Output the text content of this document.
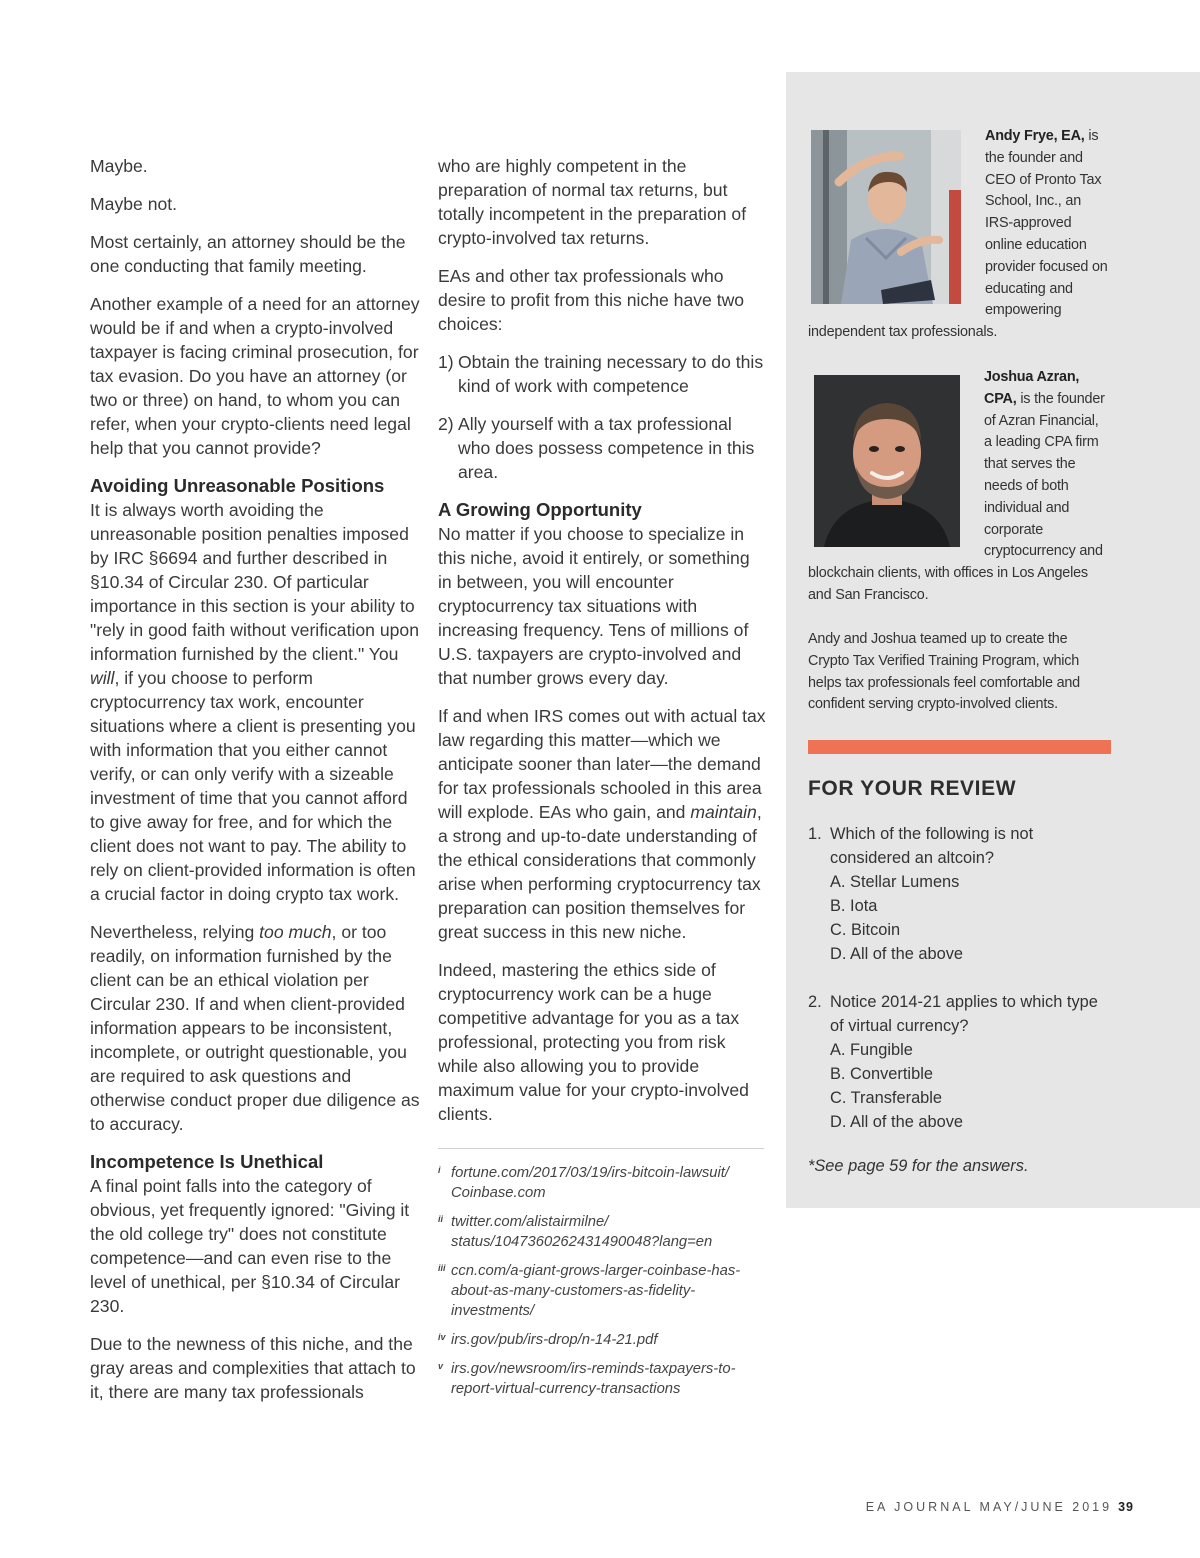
Maybe.

Maybe not.

Most certainly, an attorney should be the one conducting that family meeting.

Another example of a need for an attorney would be if and when a crypto-involved taxpayer is facing criminal prosecution, for tax evasion. Do you have an attorney (or two or three) on hand, to whom you can refer, when your crypto-clients need legal help that you cannot provide?

Avoiding Unreasonable Positions

It is always worth avoiding the unreasonable position penalties imposed by IRC §6694 and further described in §10.34 of Circular 230. Of particular importance in this section is your ability to "rely in good faith without verification upon information furnished by the client." You will, if you choose to perform cryptocurrency tax work, encounter situations where a client is presenting you with information that you either cannot verify, or can only verify with a sizeable investment of time that you cannot afford to give away for free, and for which the client does not want to pay. The ability to rely on client-provided information is often a crucial factor in doing crypto tax work.

Nevertheless, relying too much, or too readily, on information furnished by the client can be an ethical violation per Circular 230. If and when client-provided information appears to be inconsistent, incomplete, or outright questionable, you are required to ask questions and otherwise conduct proper due diligence as to accuracy.

Incompetence Is Unethical

A final point falls into the category of obvious, yet frequently ignored: "Giving it the old college try" does not constitute competence—and can even rise to the level of unethical, per §10.34 of Circular 230.

Due to the newness of this niche, and the gray areas and complexities that attach to it, there are many tax professionals

who are highly competent in the preparation of normal tax returns, but totally incompetent in the preparation of crypto-involved tax returns.

EAs and other tax professionals who desire to profit from this niche have two choices:

1) Obtain the training necessary to do this kind of work with competence
2) Ally yourself with a tax professional who does possess competence in this area.
A Growing Opportunity

No matter if you choose to specialize in this niche, avoid it entirely, or something in between, you will encounter cryptocurrency tax situations with increasing frequency. Tens of millions of U.S. taxpayers are crypto-involved and that number grows every day.

If and when IRS comes out with actual tax law regarding this matter—which we anticipate sooner than later—the demand for tax professionals schooled in this area will explode. EAs who gain, and maintain, a strong and up-to-date understanding of the ethical considerations that commonly arise when performing cryptocurrency tax preparation can position themselves for great success in this new niche.

Indeed, mastering the ethics side of cryptocurrency work can be a huge competitive advantage for you as a tax professional, protecting you from risk while also allowing you to provide maximum value for your crypto-involved clients.

i fortune.com/2017/03/19/irs-bitcoin-lawsuit/ Coinbase.com
ii twitter.com/alistairmilne/ status/1047360262431490048?lang=en
iii ccn.com/a-giant-grows-larger-coinbase-has-about-as-many-customers-as-fidelity-investments/
iv irs.gov/pub/irs-drop/n-14-21.pdf
v irs.gov/newsroom/irs-reminds-taxpayers-to-report-virtual-currency-transactions
Andy Frye, EA, is the founder and CEO of Pronto Tax School, Inc., an IRS-approved online education provider focused on educating and empowering independent tax professionals.
Joshua Azran, CPA, is the founder of Azran Financial, a leading CPA firm that serves the needs of both individual and corporate cryptocurrency and blockchain clients, with offices in Los Angeles and San Francisco.
Andy and Joshua teamed up to create the Crypto Tax Verified Training Program, which helps tax professionals feel comfortable and confident serving crypto-involved clients.
FOR YOUR REVIEW
1. Which of the following is not considered an altcoin?
A. Stellar Lumens
B. Iota
C. Bitcoin
D. All of the above
2. Notice 2014-21 applies to which type of virtual currency?
A. Fungible
B. Convertible
C. Transferable
D. All of the above
*See page 59 for the answers.
EA JOURNAL MAY/JUNE 2019 39
